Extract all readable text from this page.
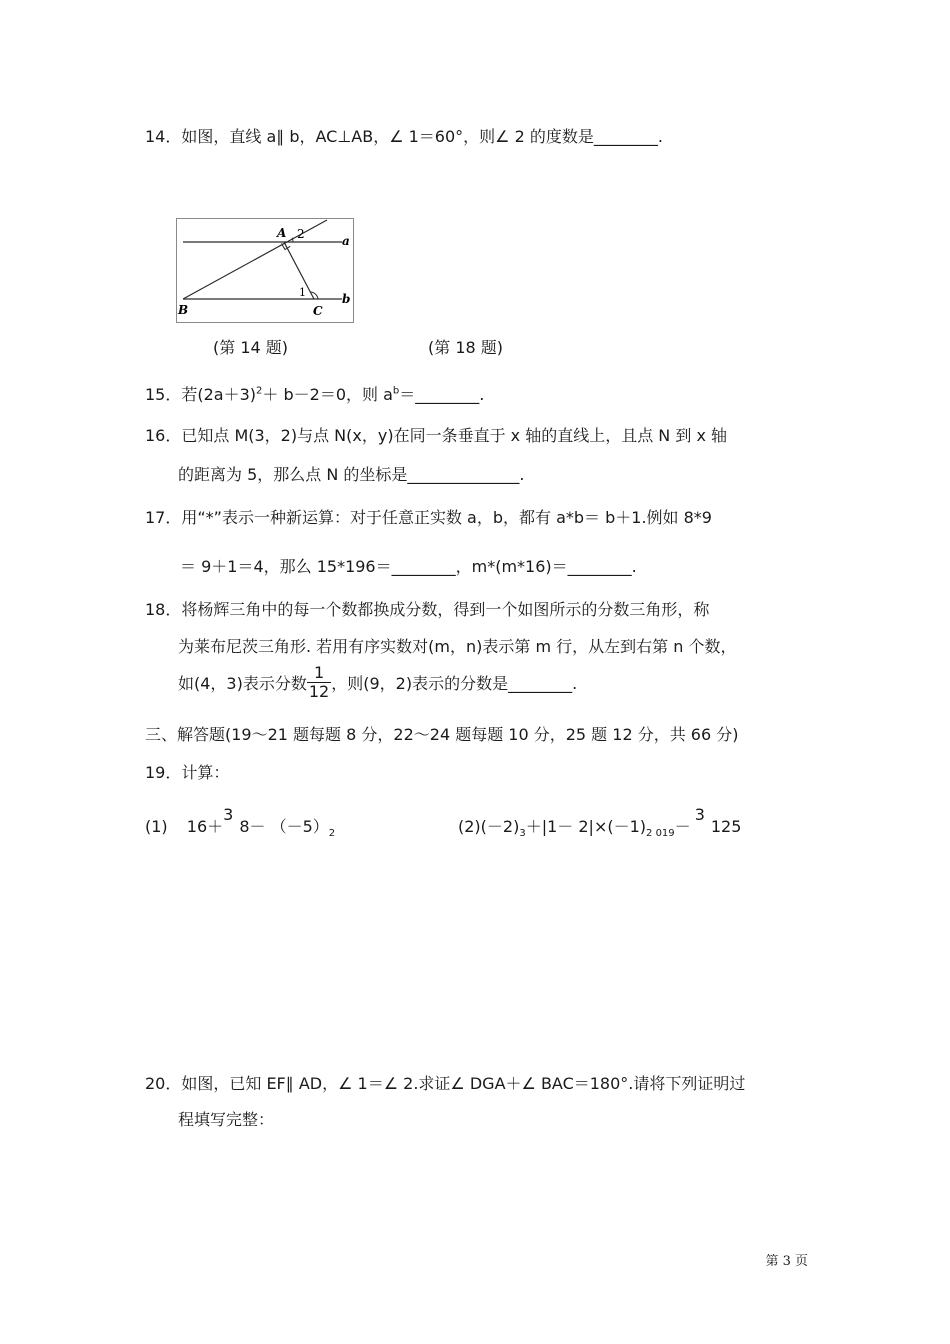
14．如图，直线 a∥ b，AC⊥AB，∠ 1＝60°，则∠ 2 的度数是________.
A 2	a
1	b
B	C
(第 14 题)	(第 18 题)
15．若$(2a+3)^2+ b-2=0$，则 $a^b=\_\_\_\_\_\_\_\_$.
16．已知点 M(3，2)与点 N(x，y)在同一条垂直于 x 轴的直线上，且点 N 到 x 轴
的距离为 5，那么点 N 的坐标是______________.
17．用“*”表示一种新运算：对于任意正实数 a，b，都有 a*b＝ b＋1.例如 8*9
＝ 9＋1＝4，那么 15*196＝________，m*(m*16)＝________.
18．将杨辉三角中的每一个数都换成分数，得到一个如图所示的分数三角形，称
为莱布尼茨三角形. 若用有序实数对(m，n)表示第 m 行，从左到右第 n 个数，
如(4，3)表示分数 $\frac{1}{12}$ ，则(9，2)表示的分数是________.
三、解答题(19～21 题每题 8 分，22～24 题每题 10 分，25 题 12 分，共 66 分)
19．计算：
(1) $16+38- (-5)_2$	$(2)(-2)_3+|1- 2|\times(-1)_{2 019}-3125$
20．如图，已知 EF∥ AD，∠ 1＝∠ 2.求证∠ DGA＋∠ BAC＝180°.请将下列证明过
程填写完整：
第 3 页
